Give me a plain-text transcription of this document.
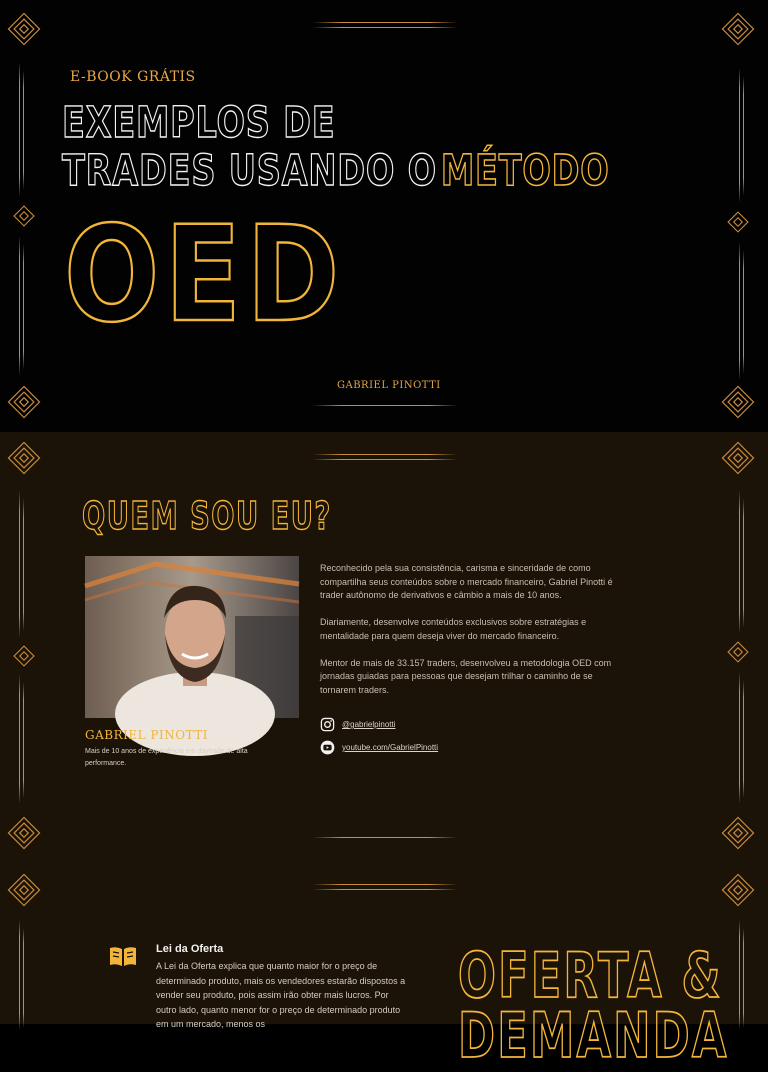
E-BOOK GRÁTIS
EXEMPLOS DE
TRADES USANDO O MÉTODO
OED
GABRIEL PINOTTI
QUEM SOU EU?
GABRIEL PINOTTI
Mais de 10 anos de experiência em daytrade de alta performance.

Reconhecido pela sua consistência, carisma e sinceridade de como compartilha seus conteúdos sobre o mercado financeiro, Gabriel Pinotti é trader autônomo de derivativos e câmbio a mais de 10 anos.

Diariamente, desenvolve conteúdos exclusivos sobre estratégias e mentalidade para quem deseja viver do mercado financeiro.

Mentor de mais de 33.157 traders, desenvolveu a metodologia OED com jornadas guiadas para pessoas que desejam trilhar o caminho de se tornarem traders.

@gabrielpinotti
youtube.com/GabrielPinotti
Lei da Oferta
A Lei da Oferta explica que quanto maior for o preço de determinado produto, mais os vendedores estarão dispostos a vender seu produto, pois assim irão obter mais lucros. Por outro lado, quanto menor for o preço de determinado produto em um mercado, menos os
OFERTA &
DEMANDA
